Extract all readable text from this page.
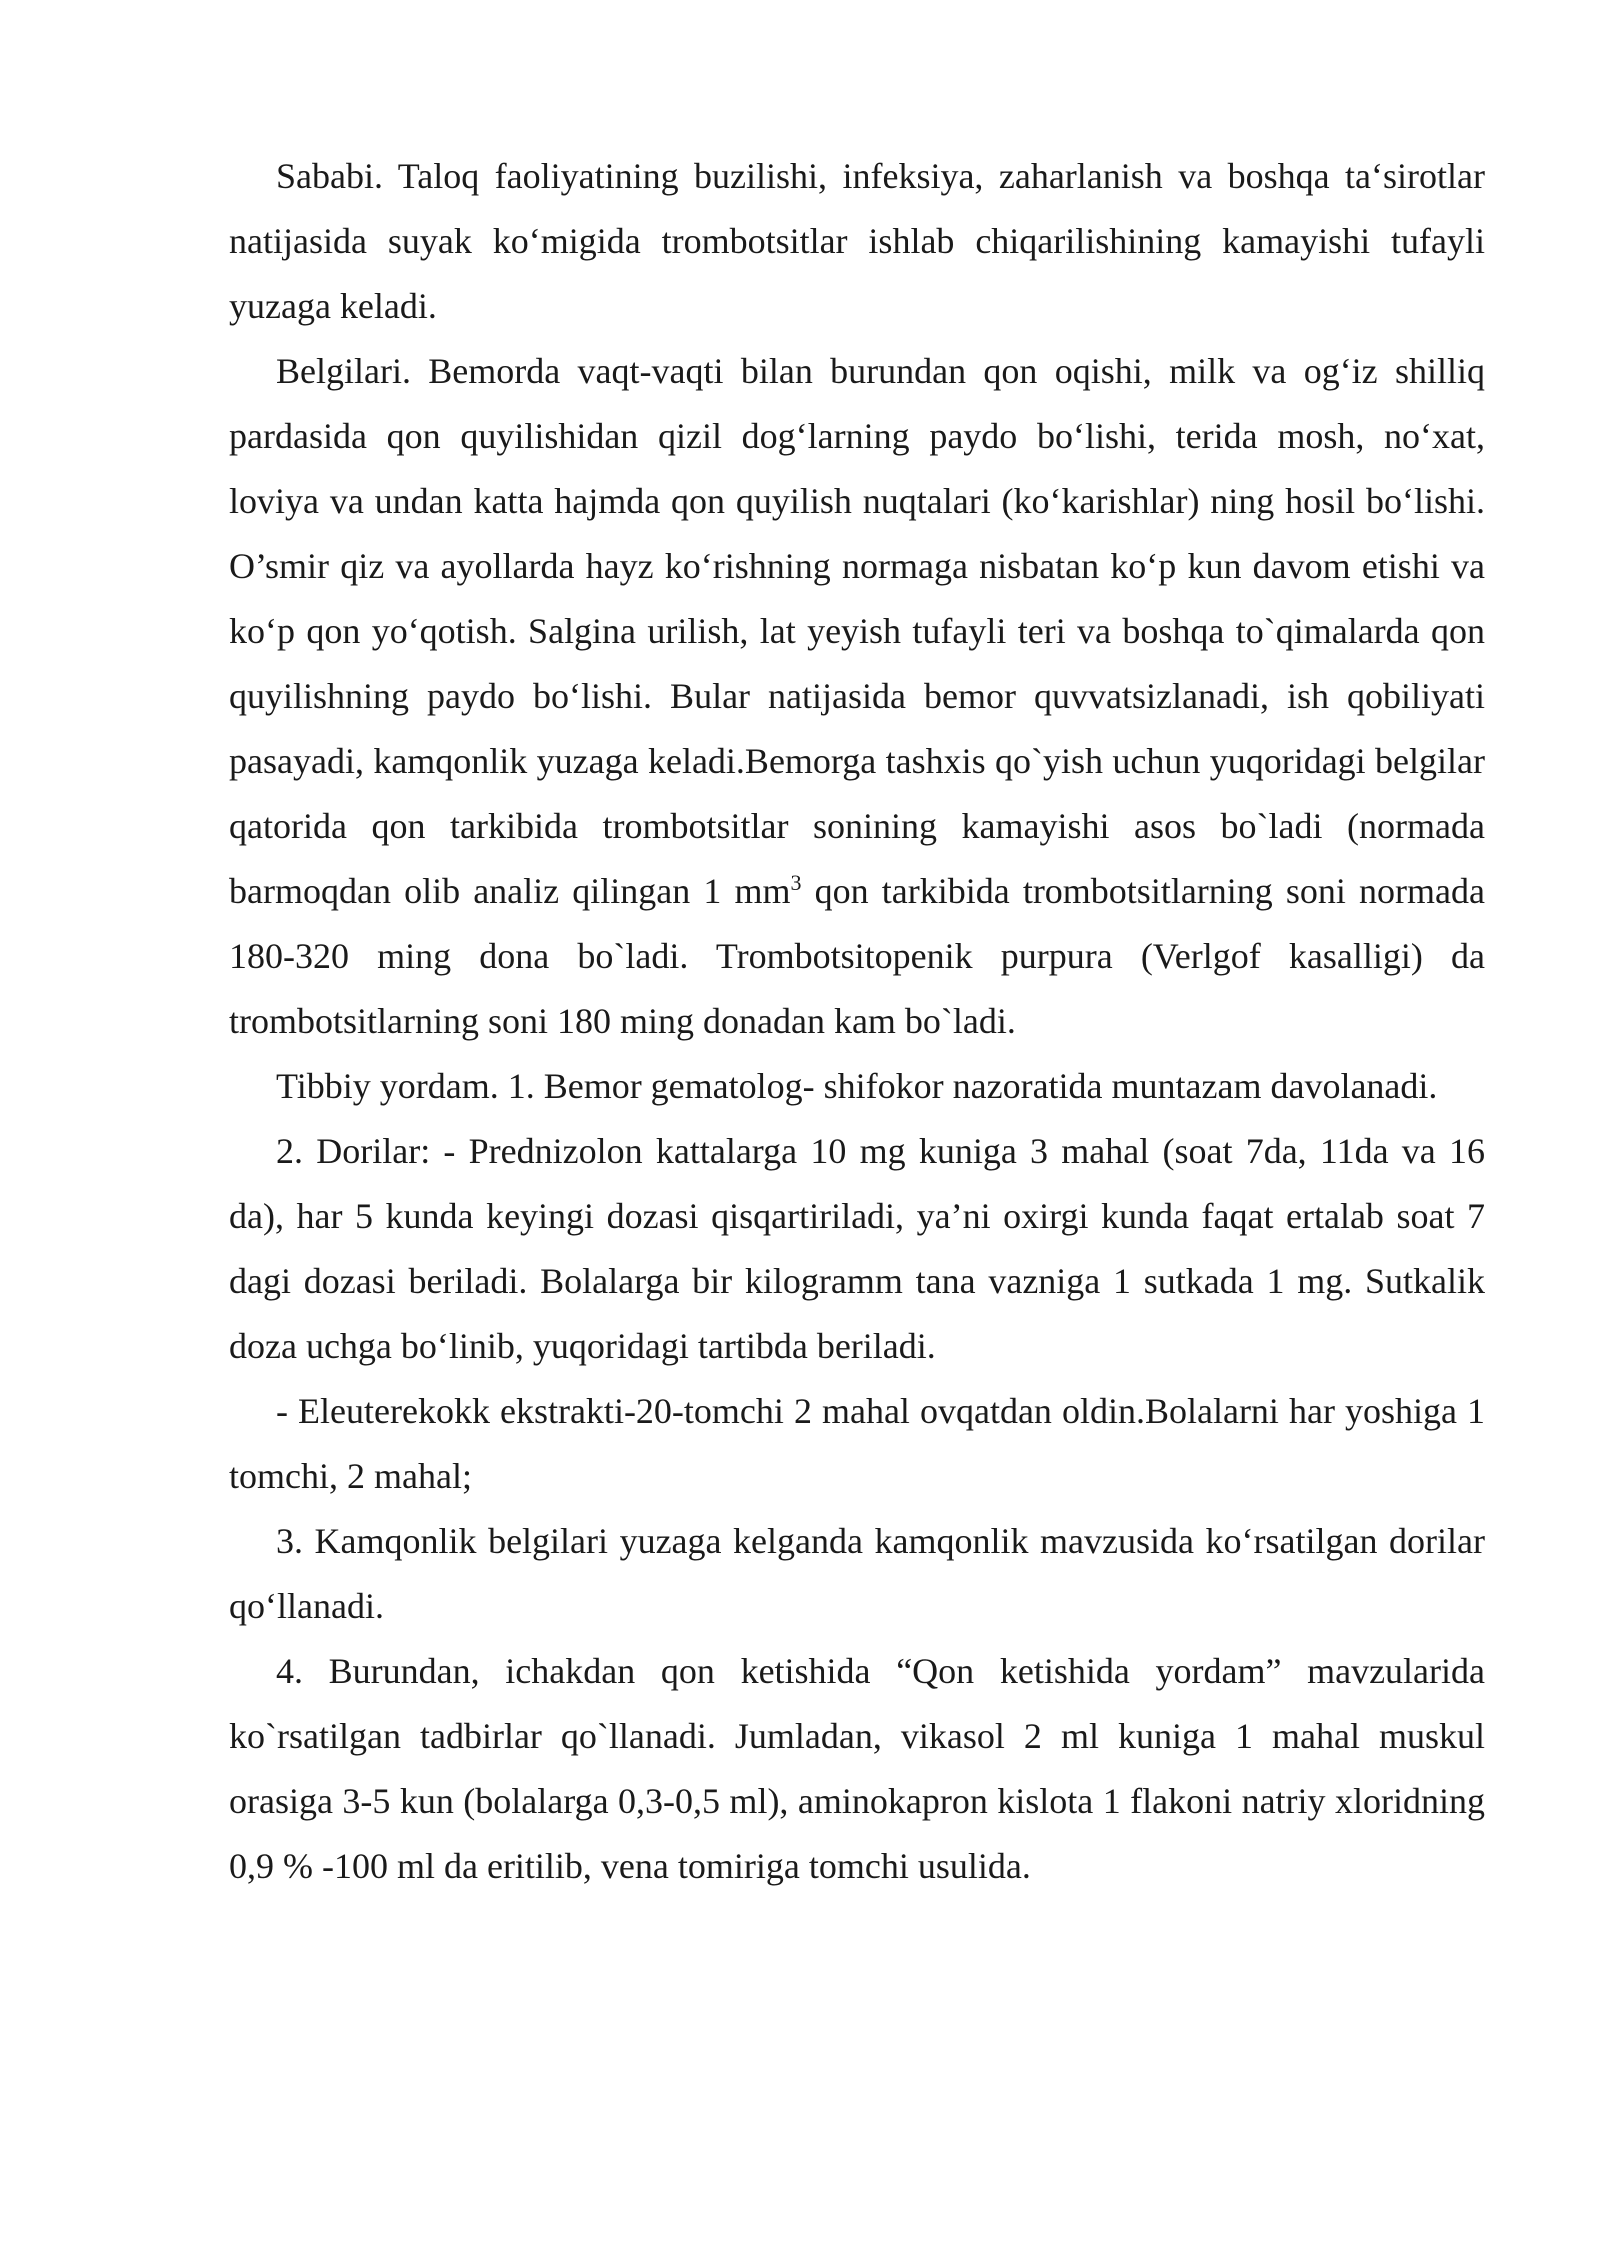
Sababi. Taloq faoliyatining buzilishi, infeksiya, zaharlanish va boshqa ta‘sirotlar natijasida suyak ko‘migida trombotsitlar ishlab chiqarilishining kamayishi tufayli yuzaga keladi.

Belgilari. Bemorda vaqt-vaqti bilan burundan qon oqishi, milk va og‘iz shilliq pardasida qon quyilishidan qizil dog‘larning paydo bo‘lishi, terida mosh, no‘xat, loviya va undan katta hajmda qon quyilish nuqtalari (ko‘karishlar) ning hosil bo‘lishi. O’smir qiz va ayollarda hayz ko‘rishning normaga nisbatan ko‘p kun davom etishi va ko‘p qon yo‘qotish. Salgina urilish, lat yeyish tufayli teri va boshqa to`qimalarda qon quyilishning paydo bo‘lishi. Bular natijasida bemor quvvatsizlanadi, ish qobiliyati pasayadi, kamqonlik yuzaga keladi.Bemorga tashxis qo`yish uchun yuqoridagi belgilar qatorida qon tarkibida trombotsitlar sonining kamayishi asos bo`ladi (normada barmoqdan olib analiz qilingan 1 $mm^3$ qon tarkibida trombotsitlarning soni normada 180-320 ming dona bo`ladi. Trombotsitopenik purpura (Verlgof kasalligi) da trombotsitlarning soni 180 ming donadan kam bo`ladi.

Tibbiy yordam. 1. Bemor gematolog- shifokor nazoratida muntazam davolanadi.

2. Dorilar: - Prednizolon kattalarga 10 mg kuniga 3 mahal (soat 7da, 11da va 16 da), har 5 kunda keyingi dozasi qisqartiriladi, ya’ni oxirgi kunda faqat ertalab soat 7 dagi dozasi beriladi. Bolalarga bir kilogramm tana vazniga 1 sutkada 1 mg. Sutkalik doza uchga bo‘linib, yuqoridagi tartibda beriladi.

- Eleuterekokk ekstrakti-20-tomchi 2 mahal ovqatdan oldin.Bolalarni har yoshiga 1 tomchi, 2 mahal;

3. Kamqonlik belgilari yuzaga kelganda kamqonlik mavzusida ko‘rsatilgan dorilar qo‘llanadi.

4. Burundan, ichakdan qon ketishida “Qon ketishida yordam” mavzularida ko`rsatilgan tadbirlar qo`llanadi. Jumladan, vikasol 2 ml kuniga 1 mahal muskul orasiga 3-5 kun (bolalarga 0,3-0,5 ml), aminokapron kislota 1 flakoni natriy xloridning 0,9 % -100 ml da eritilib, vena tomiriga tomchi usulida.
